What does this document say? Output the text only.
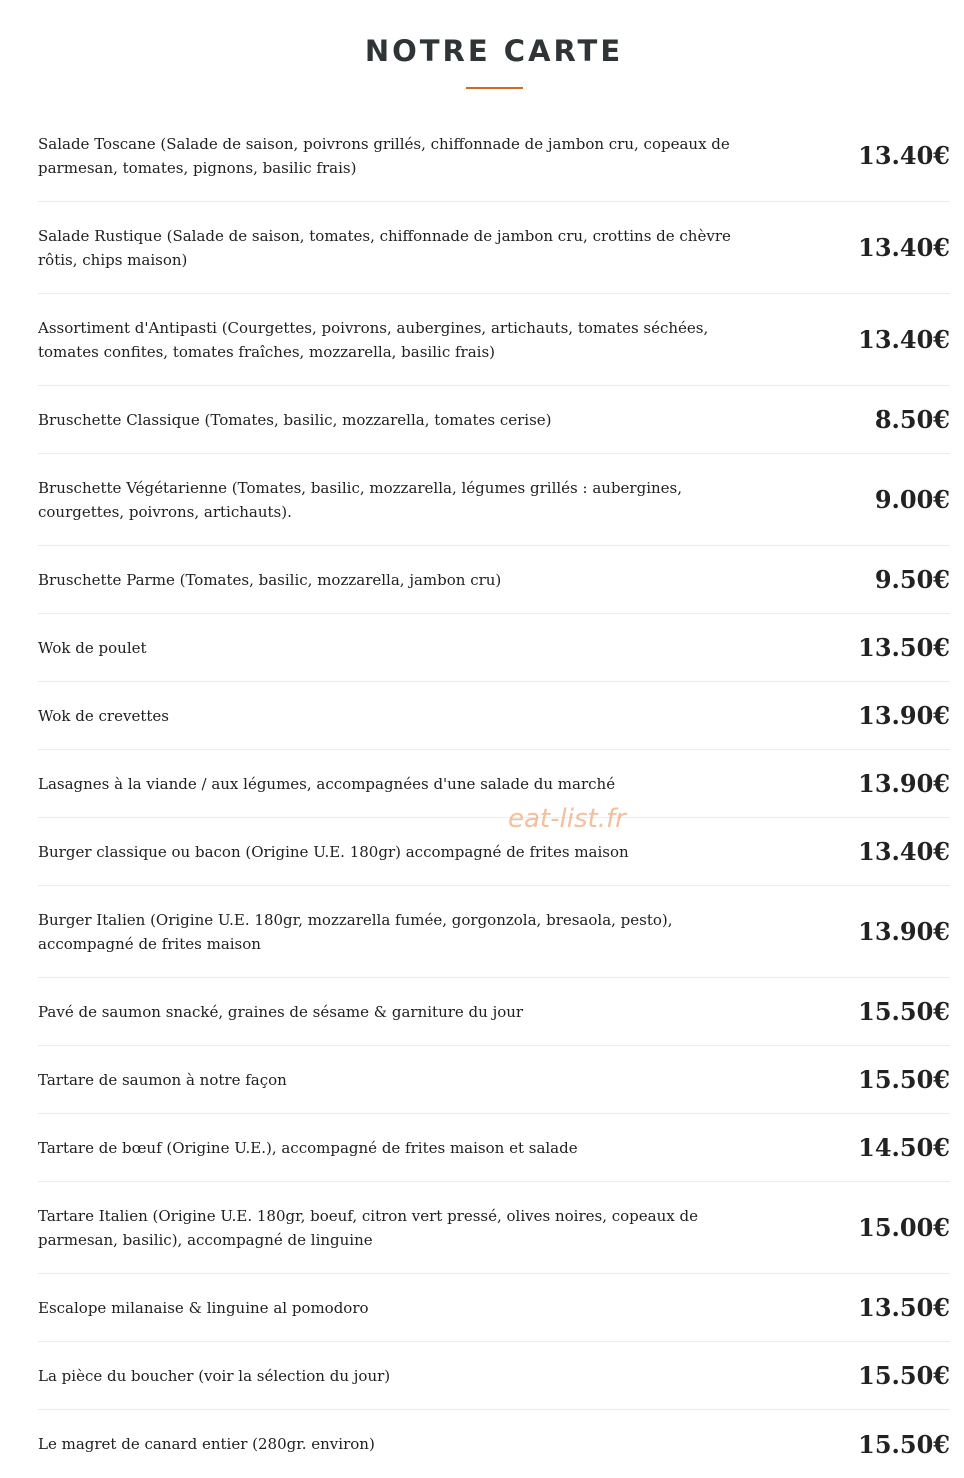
NOTRE CARTE
Salade Toscane (Salade de saison, poivrons grillés, chiffonnade de jambon cru, copeaux de parmesan, tomates, pignons, basilic frais)	13.40€
Salade Rustique (Salade de saison, tomates, chiffonnade de jambon cru, crottins de chèvre rôtis, chips maison)	13.40€
Assortiment d'Antipasti (Courgettes, poivrons, aubergines, artichauts, tomates séchées, tomates confites, tomates fraîches, mozzarella, basilic frais)	13.40€
Bruschette Classique (Tomates, basilic, mozzarella, tomates cerise)	8.50€
Bruschette Végétarienne (Tomates, basilic, mozzarella, légumes grillés : aubergines, courgettes, poivrons, artichauts).	9.00€
Bruschette Parme (Tomates, basilic, mozzarella, jambon cru)	9.50€
Wok de poulet	13.50€
Wok de crevettes	13.90€
Lasagnes à la viande / aux légumes, accompagnées d'une salade du marché	13.90€
Burger classique ou bacon (Origine U.E. 180gr) accompagné de frites maison	13.40€
Burger Italien (Origine U.E. 180gr, mozzarella fumée, gorgonzola, bresaola, pesto), accompagné de frites maison	13.90€
Pavé de saumon snacké, graines de sésame & garniture du jour	15.50€
Tartare de saumon à notre façon	15.50€
Tartare de bœuf (Origine U.E.), accompagné de frites maison et salade	14.50€
Tartare Italien (Origine U.E. 180gr, boeuf, citron vert pressé, olives noires, copeaux de parmesan, basilic), accompagné de linguine	15.00€
Escalope milanaise & linguine al pomodoro	13.50€
La pièce du boucher (voir la sélection du jour)	15.50€
Le magret de canard entier (280gr. environ)	15.50€
eat-list.fr
